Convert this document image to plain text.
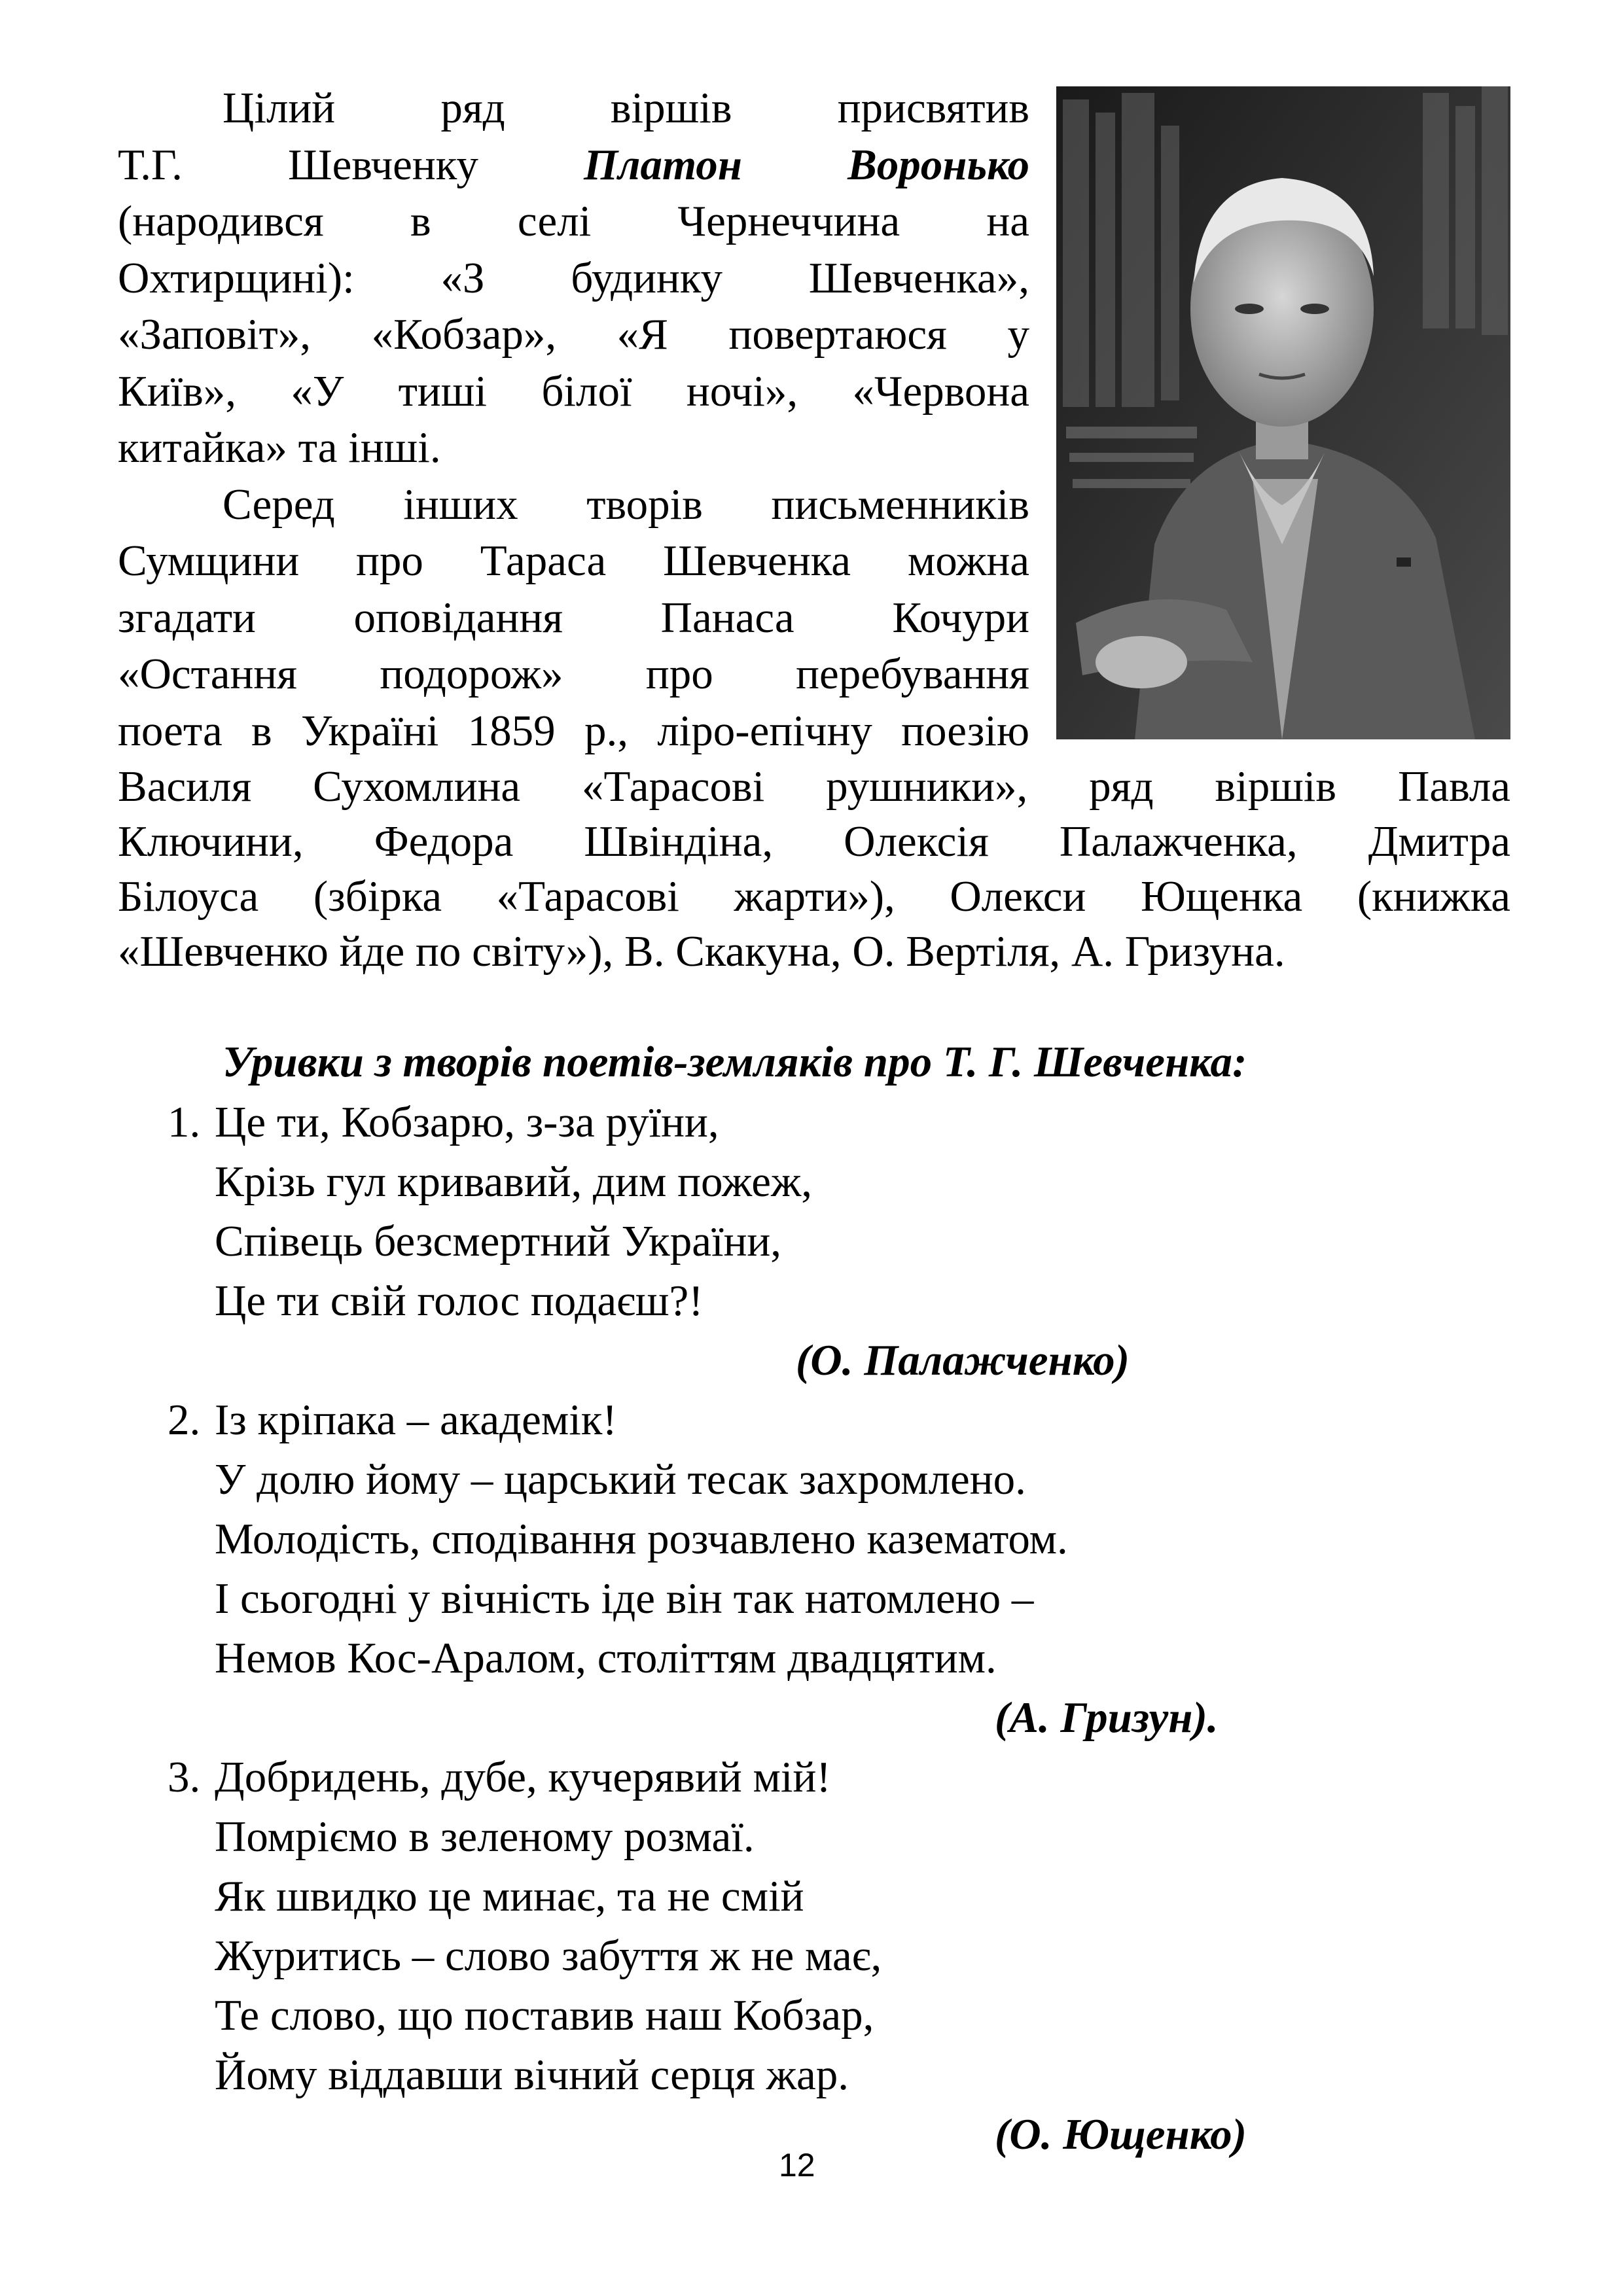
Цілий ряд віршів присвятив
Т.Г. Шевченку Платон Воронько
(народився в селі Чернеччина на
Охтирщині): «З будинку Шевченка»,
«Заповіт», «Кобзар», «Я повертаюся у
Київ», «У тиші білої ночі», «Червона
китайка» та інші.
Серед інших творів письменників
Сумщини про Тараса Шевченка можна
згадати оповідання Панаса Кочури
«Остання подорож» про перебування
поета в Україні 1859 р., ліро-епічну поезію
Василя Сухомлина «Тарасові рушники», ряд віршів Павла
Ключини, Федора Швіндіна, Олексія Палажченка, Дмитра
Білоуса (збірка «Тарасові жарти»), Олекси Ющенка (книжка
«Шевченко йде по світу»), В. Скакуна, О. Вертіля, А. Гризуна.
Уривки з творів поетів-земляків про Т. Г. Шевченка:
1. Це ти, Кобзарю, з-за руїни,
Крізь гул кривавий, дим пожеж,
Співець безсмертний України,
Це ти свій голос подаєш?!
(О. Палажченко)
2. Із кріпака – академік!
У долю йому – царський тесак захромлено.
Молодість, сподівання розчавлено казематом.
І сьогодні у вічність іде він так натомлено –
Немов Кос-Аралом, століттям двадцятим.
(А. Гризун).
3. Добридень, дубе, кучерявий мій!
Помріємо в зеленому розмаї.
Як швидко це минає, та не смій
Журитись – слово забуття ж не має,
Те слово, що поставив наш Кобзар,
Йому віддавши вічний серця жар.
(О. Ющенко)
12
